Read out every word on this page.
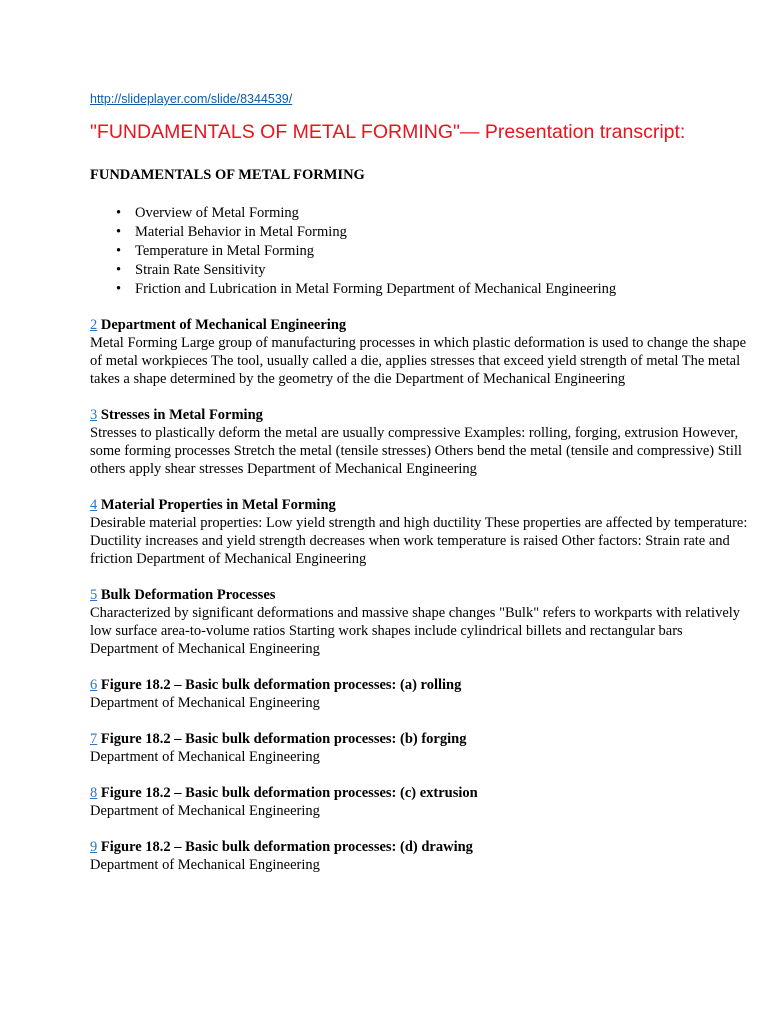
http://slideplayer.com/slide/8344539/
"FUNDAMENTALS OF METAL FORMING"— Presentation transcript:
FUNDAMENTALS OF METAL FORMING
• Overview of Metal Forming
• Material Behavior in Metal Forming
• Temperature in Metal Forming
• Strain Rate Sensitivity
• Friction and Lubrication in Metal Forming Department of Mechanical Engineering
2 Department of Mechanical Engineering
Metal Forming Large group of manufacturing processes in which plastic deformation is used to change the shape of metal workpieces The tool, usually called a die, applies stresses that exceed yield strength of metal The metal takes a shape determined by the geometry of the die Department of Mechanical Engineering
3 Stresses in Metal Forming
Stresses to plastically deform the metal are usually compressive Examples: rolling, forging, extrusion However, some forming processes Stretch the metal (tensile stresses) Others bend the metal (tensile and compressive) Still others apply shear stresses Department of Mechanical Engineering
4 Material Properties in Metal Forming
Desirable material properties: Low yield strength and high ductility These properties are affected by temperature: Ductility increases and yield strength decreases when work temperature is raised Other factors: Strain rate and friction Department of Mechanical Engineering
5 Bulk Deformation Processes
Characterized by significant deformations and massive shape changes "Bulk" refers to workparts with relatively low surface area-to-volume ratios Starting work shapes include cylindrical billets and rectangular bars Department of Mechanical Engineering
6 Figure 18.2 – Basic bulk deformation processes: (a) rolling
Department of Mechanical Engineering
7 Figure 18.2 – Basic bulk deformation processes: (b) forging
Department of Mechanical Engineering
8 Figure 18.2 – Basic bulk deformation processes: (c) extrusion
Department of Mechanical Engineering
9 Figure 18.2 – Basic bulk deformation processes: (d) drawing
Department of Mechanical Engineering
